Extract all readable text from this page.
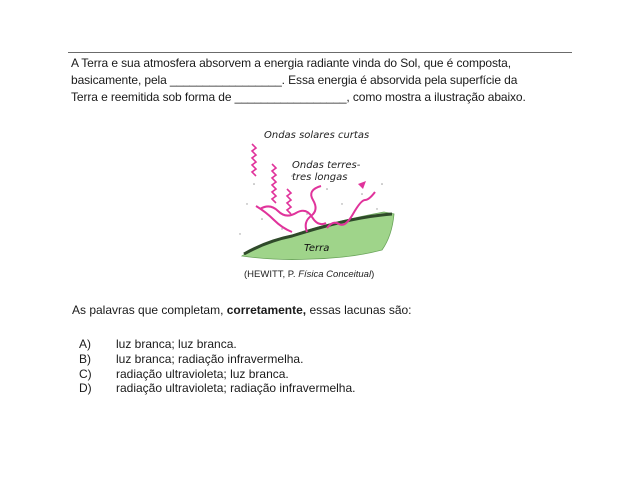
A Terra e sua atmosfera absorvem a energia radiante vinda do Sol, que é composta,
basicamente, pela _________________. Essa energia é absorvida pela superfície da
Terra e reemitida sob forma de _________________, como mostra a ilustração abaixo.
Ondas solares curtas
Ondas terres-
tres longas
Terra
(HEWITT, P. Física Conceitual)
As palavras que completam, corretamente, essas lacunas são:
A)	luz branca; luz branca.
B)	luz branca; radiação infravermelha.
C)	radiação ultravioleta; luz branca.
D)	radiação ultravioleta; radiação infravermelha.
